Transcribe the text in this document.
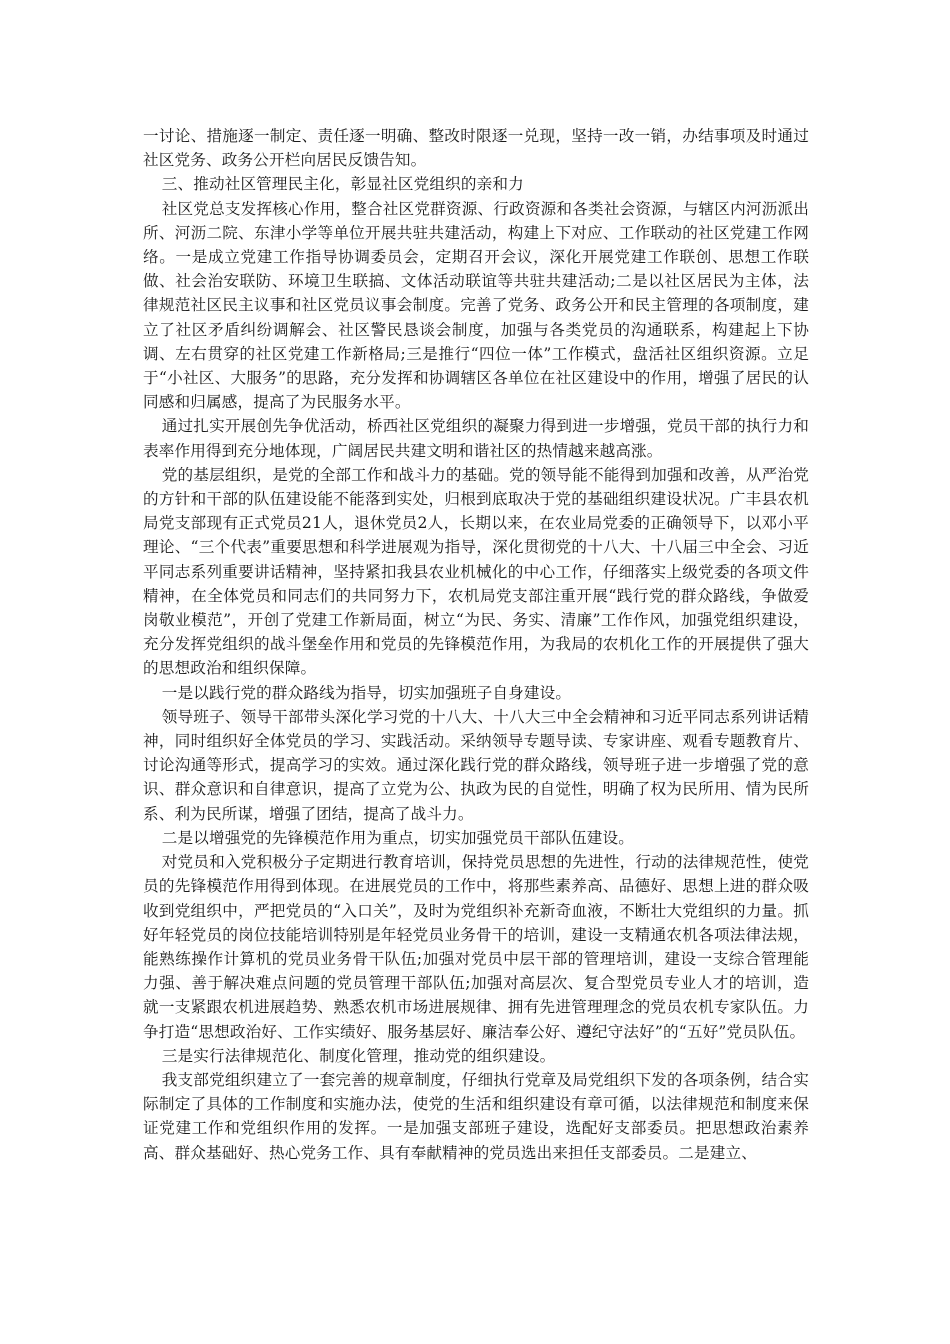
一讨论、措施逐一制定、责任逐一明确、整改时限逐一兑现，坚持一改一销，办结事项及时通过社区党务、政务公开栏向居民反馈告知。

三、推动社区管理民主化，彰显社区党组织的亲和力

社区党总支发挥核心作用，整合社区党群资源、行政资源和各类社会资源，与辖区内河沥派出所、河沥二院、东津小学等单位开展共驻共建活动，构建上下对应、工作联动的社区党建工作网络。一是成立党建工作指导协调委员会，定期召开会议，深化开展党建工作联创、思想工作联做、社会治安联防、环境卫生联搞、文体活动联谊等共驻共建活动;二是以社区居民为主体，法律规范社区民主议事和社区党员议事会制度。完善了党务、政务公开和民主管理的各项制度，建立了社区矛盾纠纷调解会、社区警民恳谈会制度，加强与各类党员的沟通联系，构建起上下协调、左右贯穿的社区党建工作新格局;三是推行“四位一体”工作模式，盘活社区组织资源。立足于“小社区、大服务”的思路，充分发挥和协调辖区各单位在社区建设中的作用，增强了居民的认同感和归属感，提高了为民服务水平。

通过扎实开展创先争优活动，桥西社区党组织的凝聚力得到进一步增强，党员干部的执行力和表率作用得到充分地体现，广阔居民共建文明和谐社区的热情越来越高涨。

党的基层组织，是党的全部工作和战斗力的基础。党的领导能不能得到加强和改善，从严治党的方针和干部的队伍建设能不能落到实处，归根到底取决于党的基础组织建设状况。广丰县农机局党支部现有正式党员21人，退休党员2人，长期以来，在农业局党委的正确领导下，以邓小平理论、“三个代表”重要思想和科学进展观为指导，深化贯彻党的十八大、十八届三中全会、习近平同志系列重要讲话精神，坚持紧扣我县农业机械化的中心工作，仔细落实上级党委的各项文件精神，在全体党员和同志们的共同努力下，农机局党支部注重开展“践行党的群众路线，争做爱岗敬业模范”，开创了党建工作新局面，树立“为民、务实、清廉”工作作风，加强党组织建设，充分发挥党组织的战斗堡垒作用和党员的先锋模范作用，为我局的农机化工作的开展提供了强大的思想政治和组织保障。

一是以践行党的群众路线为指导，切实加强班子自身建设。

领导班子、领导干部带头深化学习党的十八大、十八大三中全会精神和习近平同志系列讲话精神，同时组织好全体党员的学习、实践活动。采纳领导专题导读、专家讲座、观看专题教育片、讨论沟通等形式，提高学习的实效。通过深化践行党的群众路线，领导班子进一步增强了党的意识、群众意识和自律意识，提高了立党为公、执政为民的自觉性，明确了权为民所用、情为民所系、利为民所谋，增强了团结，提高了战斗力。

二是以增强党的先锋模范作用为重点，切实加强党员干部队伍建设。

对党员和入党积极分子定期进行教育培训，保持党员思想的先进性，行动的法律规范性，使党员的先锋模范作用得到体现。在进展党员的工作中，将那些素养高、品德好、思想上进的群众吸收到党组织中，严把党员的“入口关”，及时为党组织补充新奇血液，不断壮大党组织的力量。抓好年轻党员的岗位技能培训特别是年轻党员业务骨干的培训，建设一支精通农机各项法律法规，能熟练操作计算机的党员业务骨干队伍;加强对党员中层干部的管理培训，建设一支综合管理能力强、善于解决难点问题的党员管理干部队伍;加强对高层次、复合型党员专业人才的培训，造就一支紧跟农机进展趋势、熟悉农机市场进展规律、拥有先进管理理念的党员农机专家队伍。力争打造“思想政治好、工作实绩好、服务基层好、廉洁奉公好、遵纪守法好”的“五好”党员队伍。

三是实行法律规范化、制度化管理，推动党的组织建设。

我支部党组织建立了一套完善的规章制度，仔细执行党章及局党组织下发的各项条例，结合实际制定了具体的工作制度和实施办法，使党的生活和组织建设有章可循，以法律规范和制度来保证党建工作和党组织作用的发挥。一是加强支部班子建设，选配好支部委员。把思想政治素养高、群众基础好、热心党务工作、具有奉献精神的党员选出来担任支部委员。二是建立、
